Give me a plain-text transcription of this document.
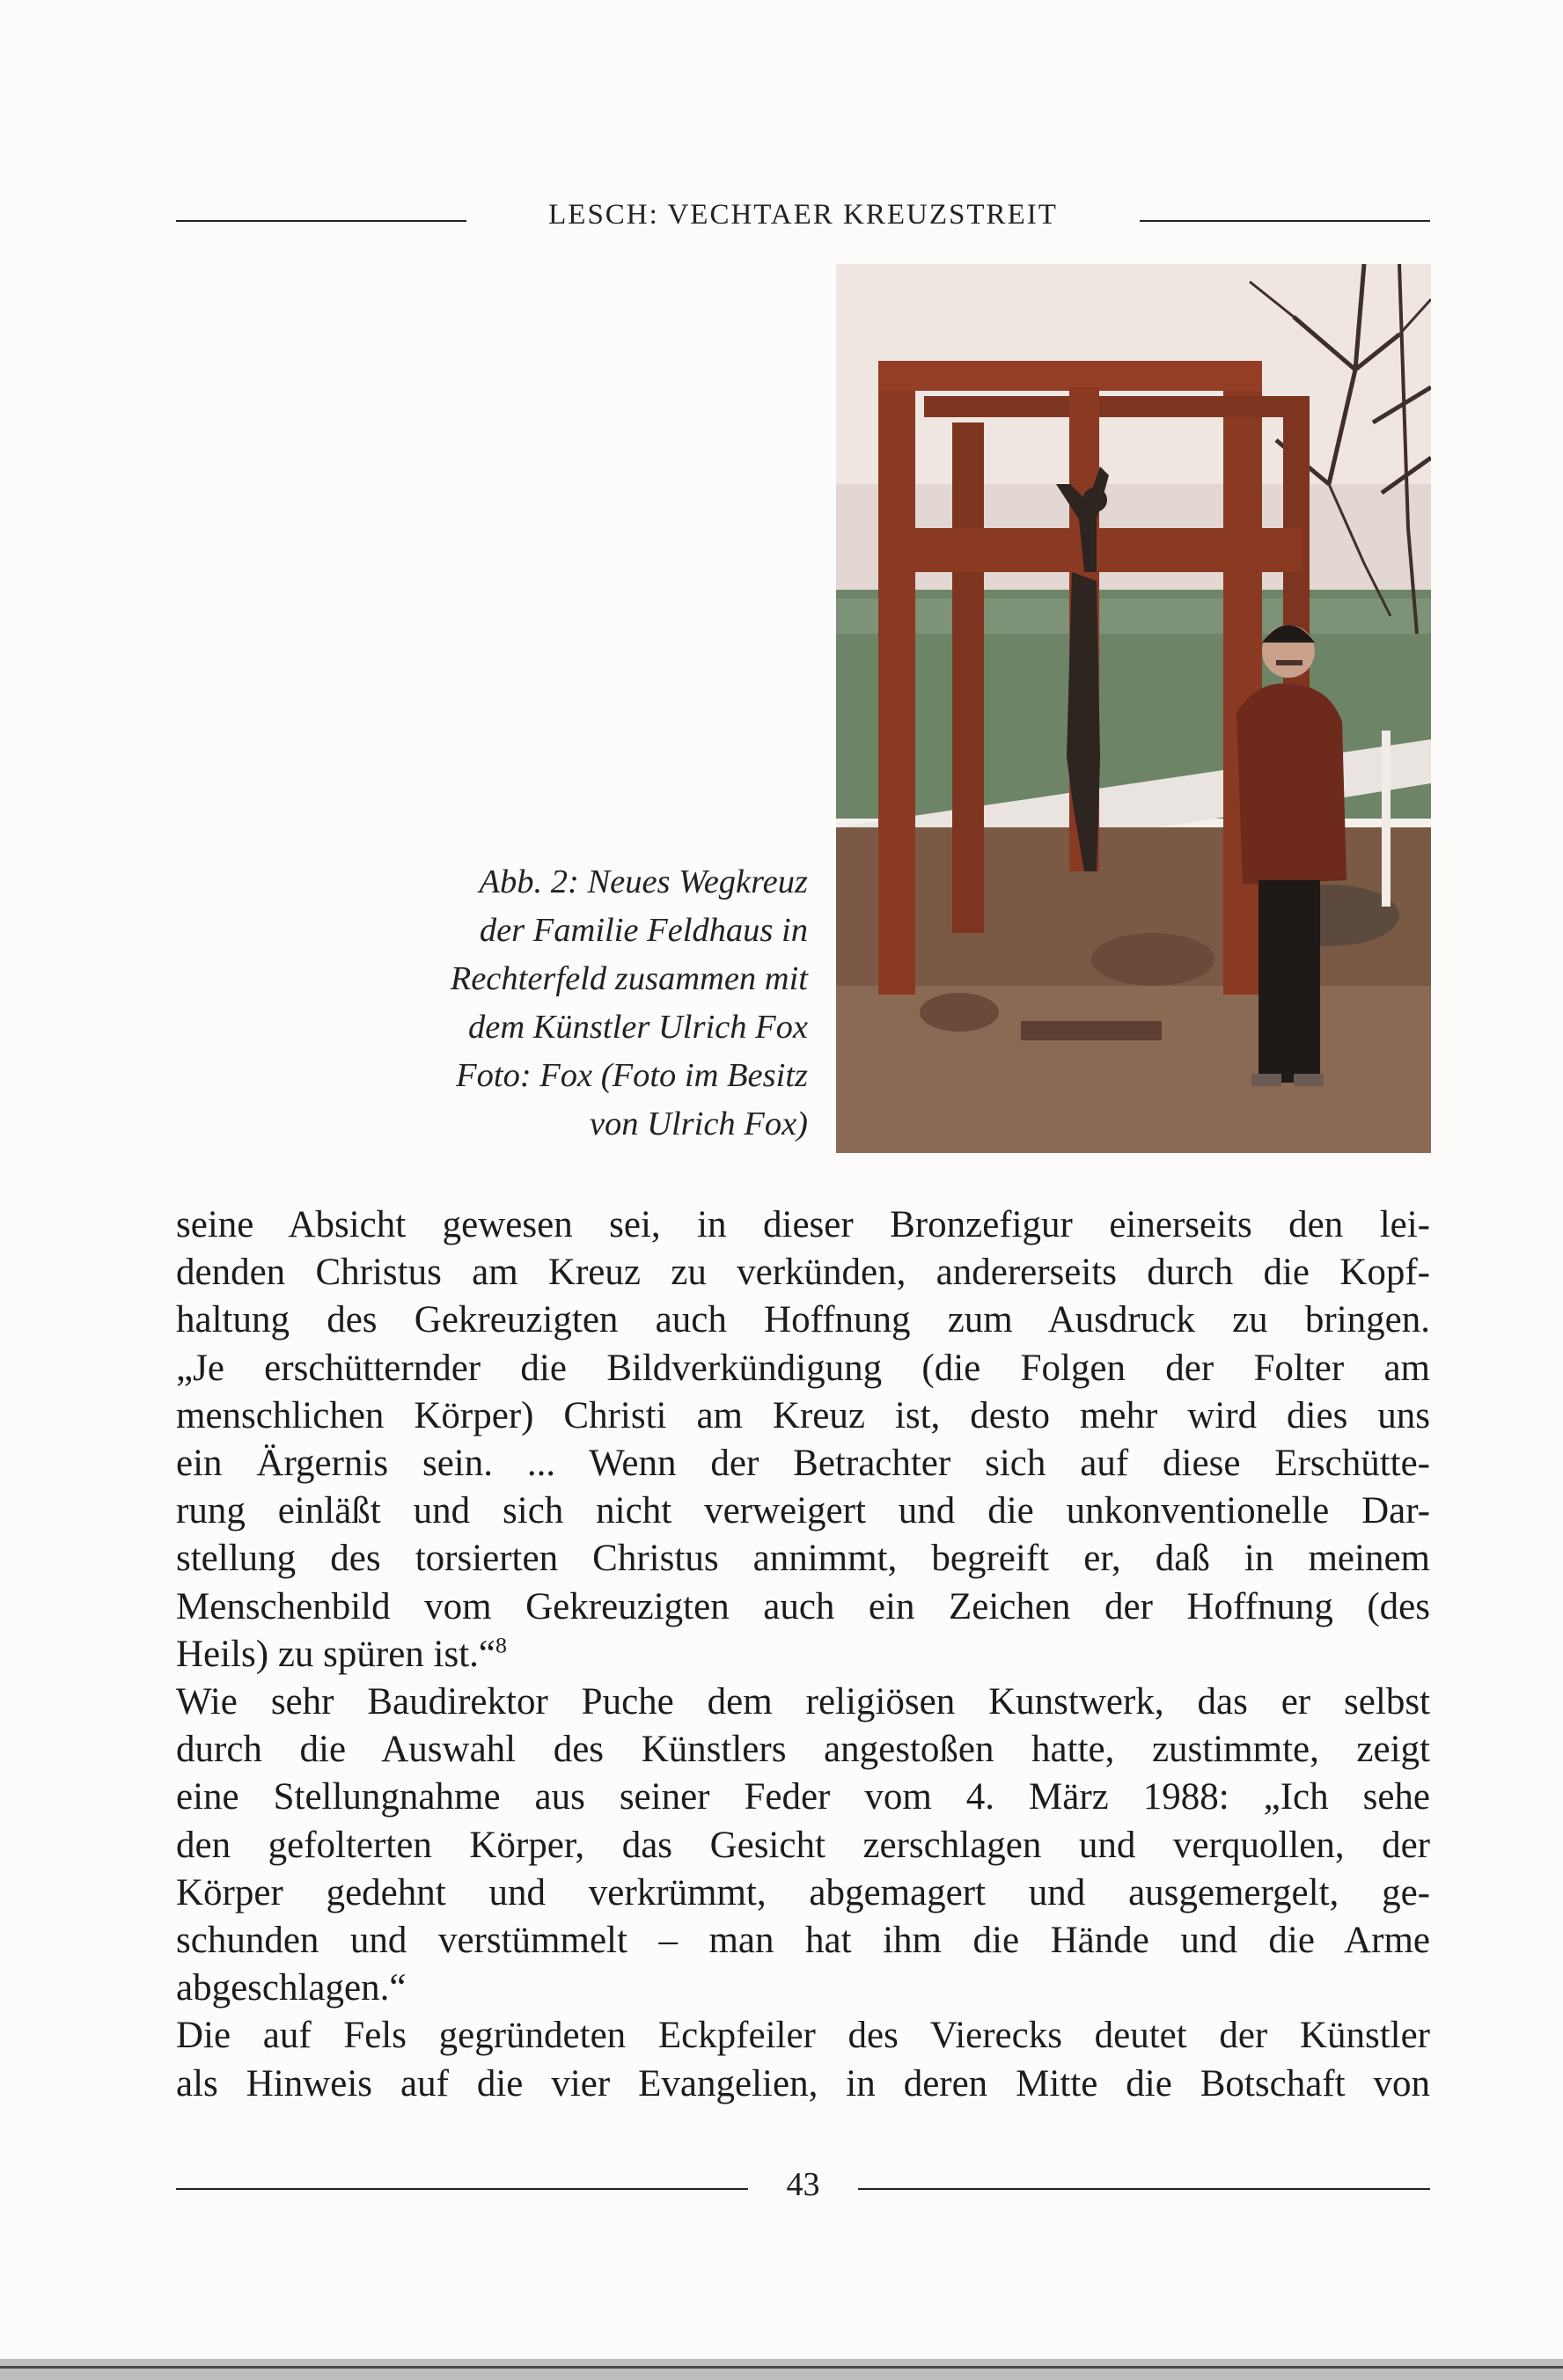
LESCH: VECHTAER KREUZSTREIT
Abb. 2: Neues Wegkreuz
der Familie Feldhaus in
Rechterfeld zusammen mit
dem Künstler Ulrich Fox
Foto: Fox (Foto im Besitz
von Ulrich Fox)
seine Absicht gewesen sei, in dieser Bronzefigur einerseits den lei-
denden Christus am Kreuz zu verkünden, andererseits durch die Kopf-
haltung des Gekreuzigten auch Hoffnung zum Ausdruck zu bringen.
„Je erschütternder die Bildverkündigung (die Folgen der Folter am
menschlichen Körper) Christi am Kreuz ist, desto mehr wird dies uns
ein Ärgernis sein. ... Wenn der Betrachter sich auf diese Erschütte-
rung einläßt und sich nicht verweigert und die unkonventionelle Dar-
stellung des torsierten Christus annimmt, begreift er, daß in meinem
Menschenbild vom Gekreuzigten auch ein Zeichen der Hoffnung (des
Heils) zu spüren ist.“$^8$
Wie sehr Baudirektor Puche dem religiösen Kunstwerk, das er selbst
durch die Auswahl des Künstlers angestoßen hatte, zustimmte, zeigt
eine Stellungnahme aus seiner Feder vom 4. März 1988: „Ich sehe
den gefolterten Körper, das Gesicht zerschlagen und verquollen, der
Körper gedehnt und verkrümmt, abgemagert und ausgemergelt, ge-
schunden und verstümmelt – man hat ihm die Hände und die Arme
abgeschlagen.“
Die auf Fels gegründeten Eckpfeiler des Vierecks deutet der Künstler
als Hinweis auf die vier Evangelien, in deren Mitte die Botschaft von
43
